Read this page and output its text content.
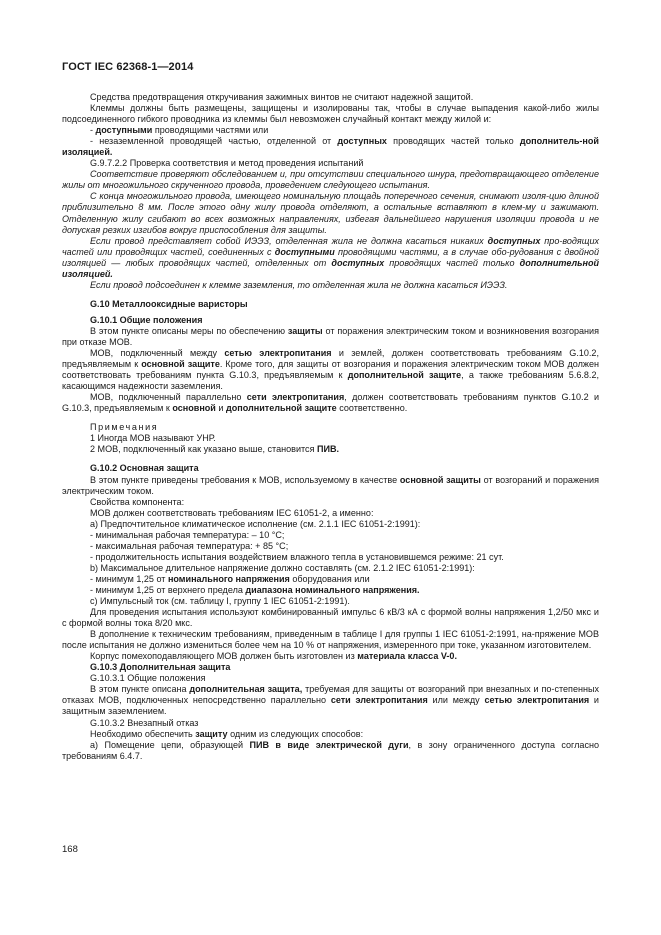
ГОСТ IEC 62368-1—2014

Средства предотвращения откручивания зажимных винтов не считают надежной защитой.

Клеммы должны быть размещены, защищены и изолированы так, чтобы в случае выпадения какой-либо жилы подсоединенного гибкого проводника из клеммы был невозможен случайный контакт между жилой и:

- доступными проводящими частями или

- незаземленной проводящей частью, отделенной от доступных проводящих частей только дополнитель-ной изоляцией.

G.9.7.2.2 Проверка соответствия и метод проведения испытаний

Соответствие проверяют обследованием и, при отсутствии специального шнура, предотвращающего отделение жилы от многожильного скрученного провода, проведением следующего испытания.

С конца многожильного провода, имеющего номинальную площадь поперечного сечения, снимают изоля-цию длиной приблизительно 8 мм. После этого одну жилу провода отделяют, а остальные вставляют в клем-му и зажимают. Отделенную жилу сгибают во всех возможных направлениях, избегая дальнейшего нарушения изоляции провода и не допуская резких изгибов вокруг приспособления для защиты.

Если провод представляет собой ИЭЭЗ, отделенная жила не должна касаться никаких доступных про-водящих частей или проводящих частей, соединенных с доступными проводящими частями, а в случае обо-рудования с двойной изоляцией — любых проводящих частей, отделенных от доступных проводящих частей только дополнительной изоляцией.

Если провод подсоединен к клемме заземления, то отделенная жила не должна касаться ИЭЭЗ.

G.10 Металлооксидные варисторы

G.10.1 Общие положения

В этом пункте описаны меры по обеспечению защиты от поражения электрическим током и возникновения возгорания при отказе МОВ.

МОВ, подключенный между сетью электропитания и землей, должен соответствовать требованиям G.10.2, предъявляемым к основной защите. Кроме того, для защиты от возгорания и поражения электрическим током МОВ должен соответствовать требованиям пункта G.10.3, предъявляемым к дополнительной защите, а также требованиям 5.6.8.2, касающимся надежности заземления.

МОВ, подключенный параллельно сети электропитания, должен соответствовать требованиям пунктов G.10.2 и G.10.3, предъявляемым к основной и дополнительной защите соответственно.

Примечания

1 Иногда МОВ называют УНР.

2 МОВ, подключенный как указано выше, становится ПИВ.

G.10.2 Основная защита

В этом пункте приведены требования к МОВ, используемому в качестве основной защиты от возгораний и поражения электрическим током.

Свойства компонента:

МОВ должен соответствовать требованиям IEC 61051-2, а именно:

a) Предпочтительное климатическое исполнение (см. 2.1.1 IEC 61051-2:1991):

- минимальная рабочая температура: – 10 °С;

- максимальная рабочая температура: + 85 °С;

- продолжительность испытания воздействием влажного тепла в установившемся режиме: 21 сут.

b) Максимальное длительное напряжение должно составлять (см. 2.1.2 IEC 61051-2:1991):

- минимум 1,25 от номинального напряжения оборудования или

- минимум 1,25 от верхнего предела диапазона номинального напряжения.

c) Импульсный ток (см. таблицу I, группу 1 IEC 61051-2:1991).

Для проведения испытания используют комбинированный импульс 6 кВ/3 кА с формой волны напряжения 1,2/50 мкс и с формой волны тока 8/20 мкс.

В дополнение к техническим требованиям, приведенным в таблице I для группы 1 IEC 61051-2:1991, на-пряжение МОВ после испытания не должно измениться более чем на 10 % от напряжения, измеренного при токе, указанном изготовителем.

Корпус помехоподавляющего МОВ должен быть изготовлен из материала класса V-0.

G.10.3 Дополнительная защита

G.10.3.1 Общие положения

В этом пункте описана дополнительная защита, требуемая для защиты от возгораний при внезапных и по-степенных отказах МОВ, подключенных непосредственно параллельно сети электропитания или между сетью электропитания и защитным заземлением.

G.10.3.2 Внезапный отказ

Необходимо обеспечить защиту одним из следующих способов:

a) Помещение цепи, образующей ПИВ в виде электрической дуги, в зону ограниченного доступа согласно требованиям 6.4.7.

168
